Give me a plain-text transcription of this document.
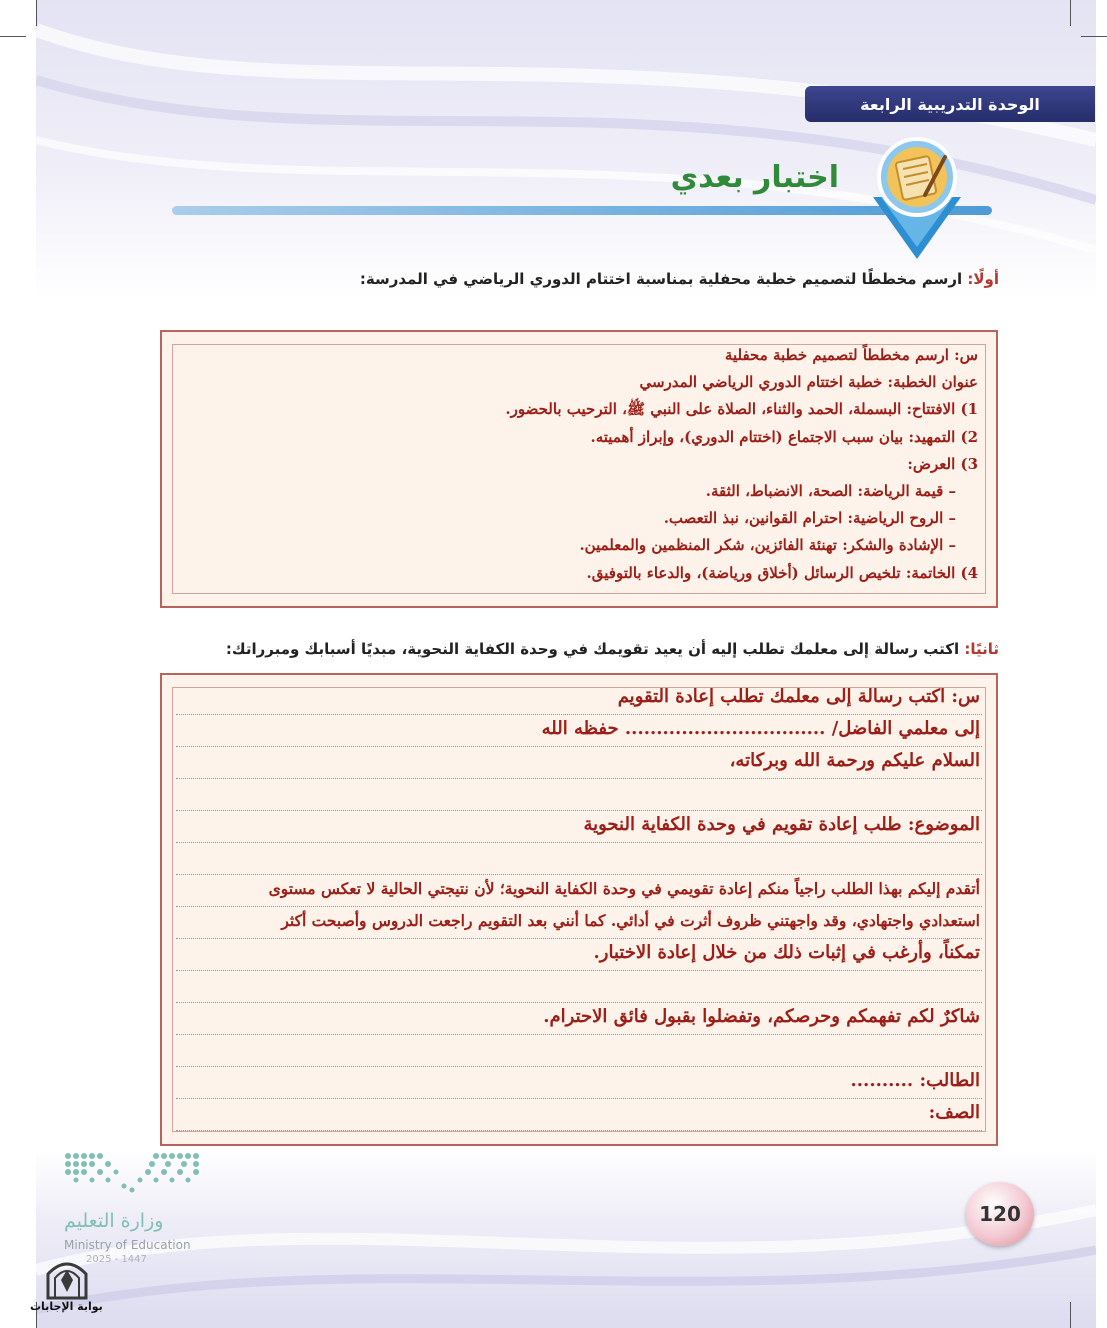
الوحدة التدريبية الرابعة
اختبار بعدي
أولًا: ارسم مخططًا لتصميم خطبة محفلية بمناسبة اختتام الدوري الرياضي في المدرسة:
س: ارسم مخططاً لتصميم خطبة محفلية
عنوان الخطبة: خطبة اختتام الدوري الرياضي المدرسي
1) الافتتاح: البسملة، الحمد والثناء، الصلاة على النبي ﷺ، الترحيب بالحضور.
2) التمهيد: بيان سبب الاجتماع (اختتام الدوري)، وإبراز أهميته.
3) العرض:
– قيمة الرياضة: الصحة، الانضباط، الثقة.
– الروح الرياضية: احترام القوانين، نبذ التعصب.
– الإشادة والشكر: تهنئة الفائزين، شكر المنظمين والمعلمين.
4) الخاتمة: تلخيص الرسائل (أخلاق ورياضة)، والدعاء بالتوفيق.
ثانيًا: اكتب رسالة إلى معلمك تطلب إليه أن يعيد تقويمك في وحدة الكفاية النحوية، مبديًا أسبابك ومبرراتك:
س: اكتب رسالة إلى معلمك تطلب إعادة التقويم
إلى معلمي الفاضل/ ................................ حفظه الله
السلام عليكم ورحمة الله وبركاته،
الموضوع: طلب إعادة تقويم في وحدة الكفاية النحوية
أتقدم إليكم بهذا الطلب راجياً منكم إعادة تقويمي في وحدة الكفاية النحوية؛ لأن نتيجتي الحالية لا تعكس مستوى
استعدادي واجتهادي، وقد واجهتني ظروف أثرت في أدائي. كما أنني بعد التقويم راجعت الدروس وأصبحت أكثر
تمكناً، وأرغب في إثبات ذلك من خلال إعادة الاختبار.
شاكرٌ لكم تفهمكم وحرصكم، وتفضلوا بقبول فائق الاحترام.
الطالب: ..........
الصف:
وزارة التعليم
Ministry of Education
2025 - 1447
120
بوابة الإجابات
